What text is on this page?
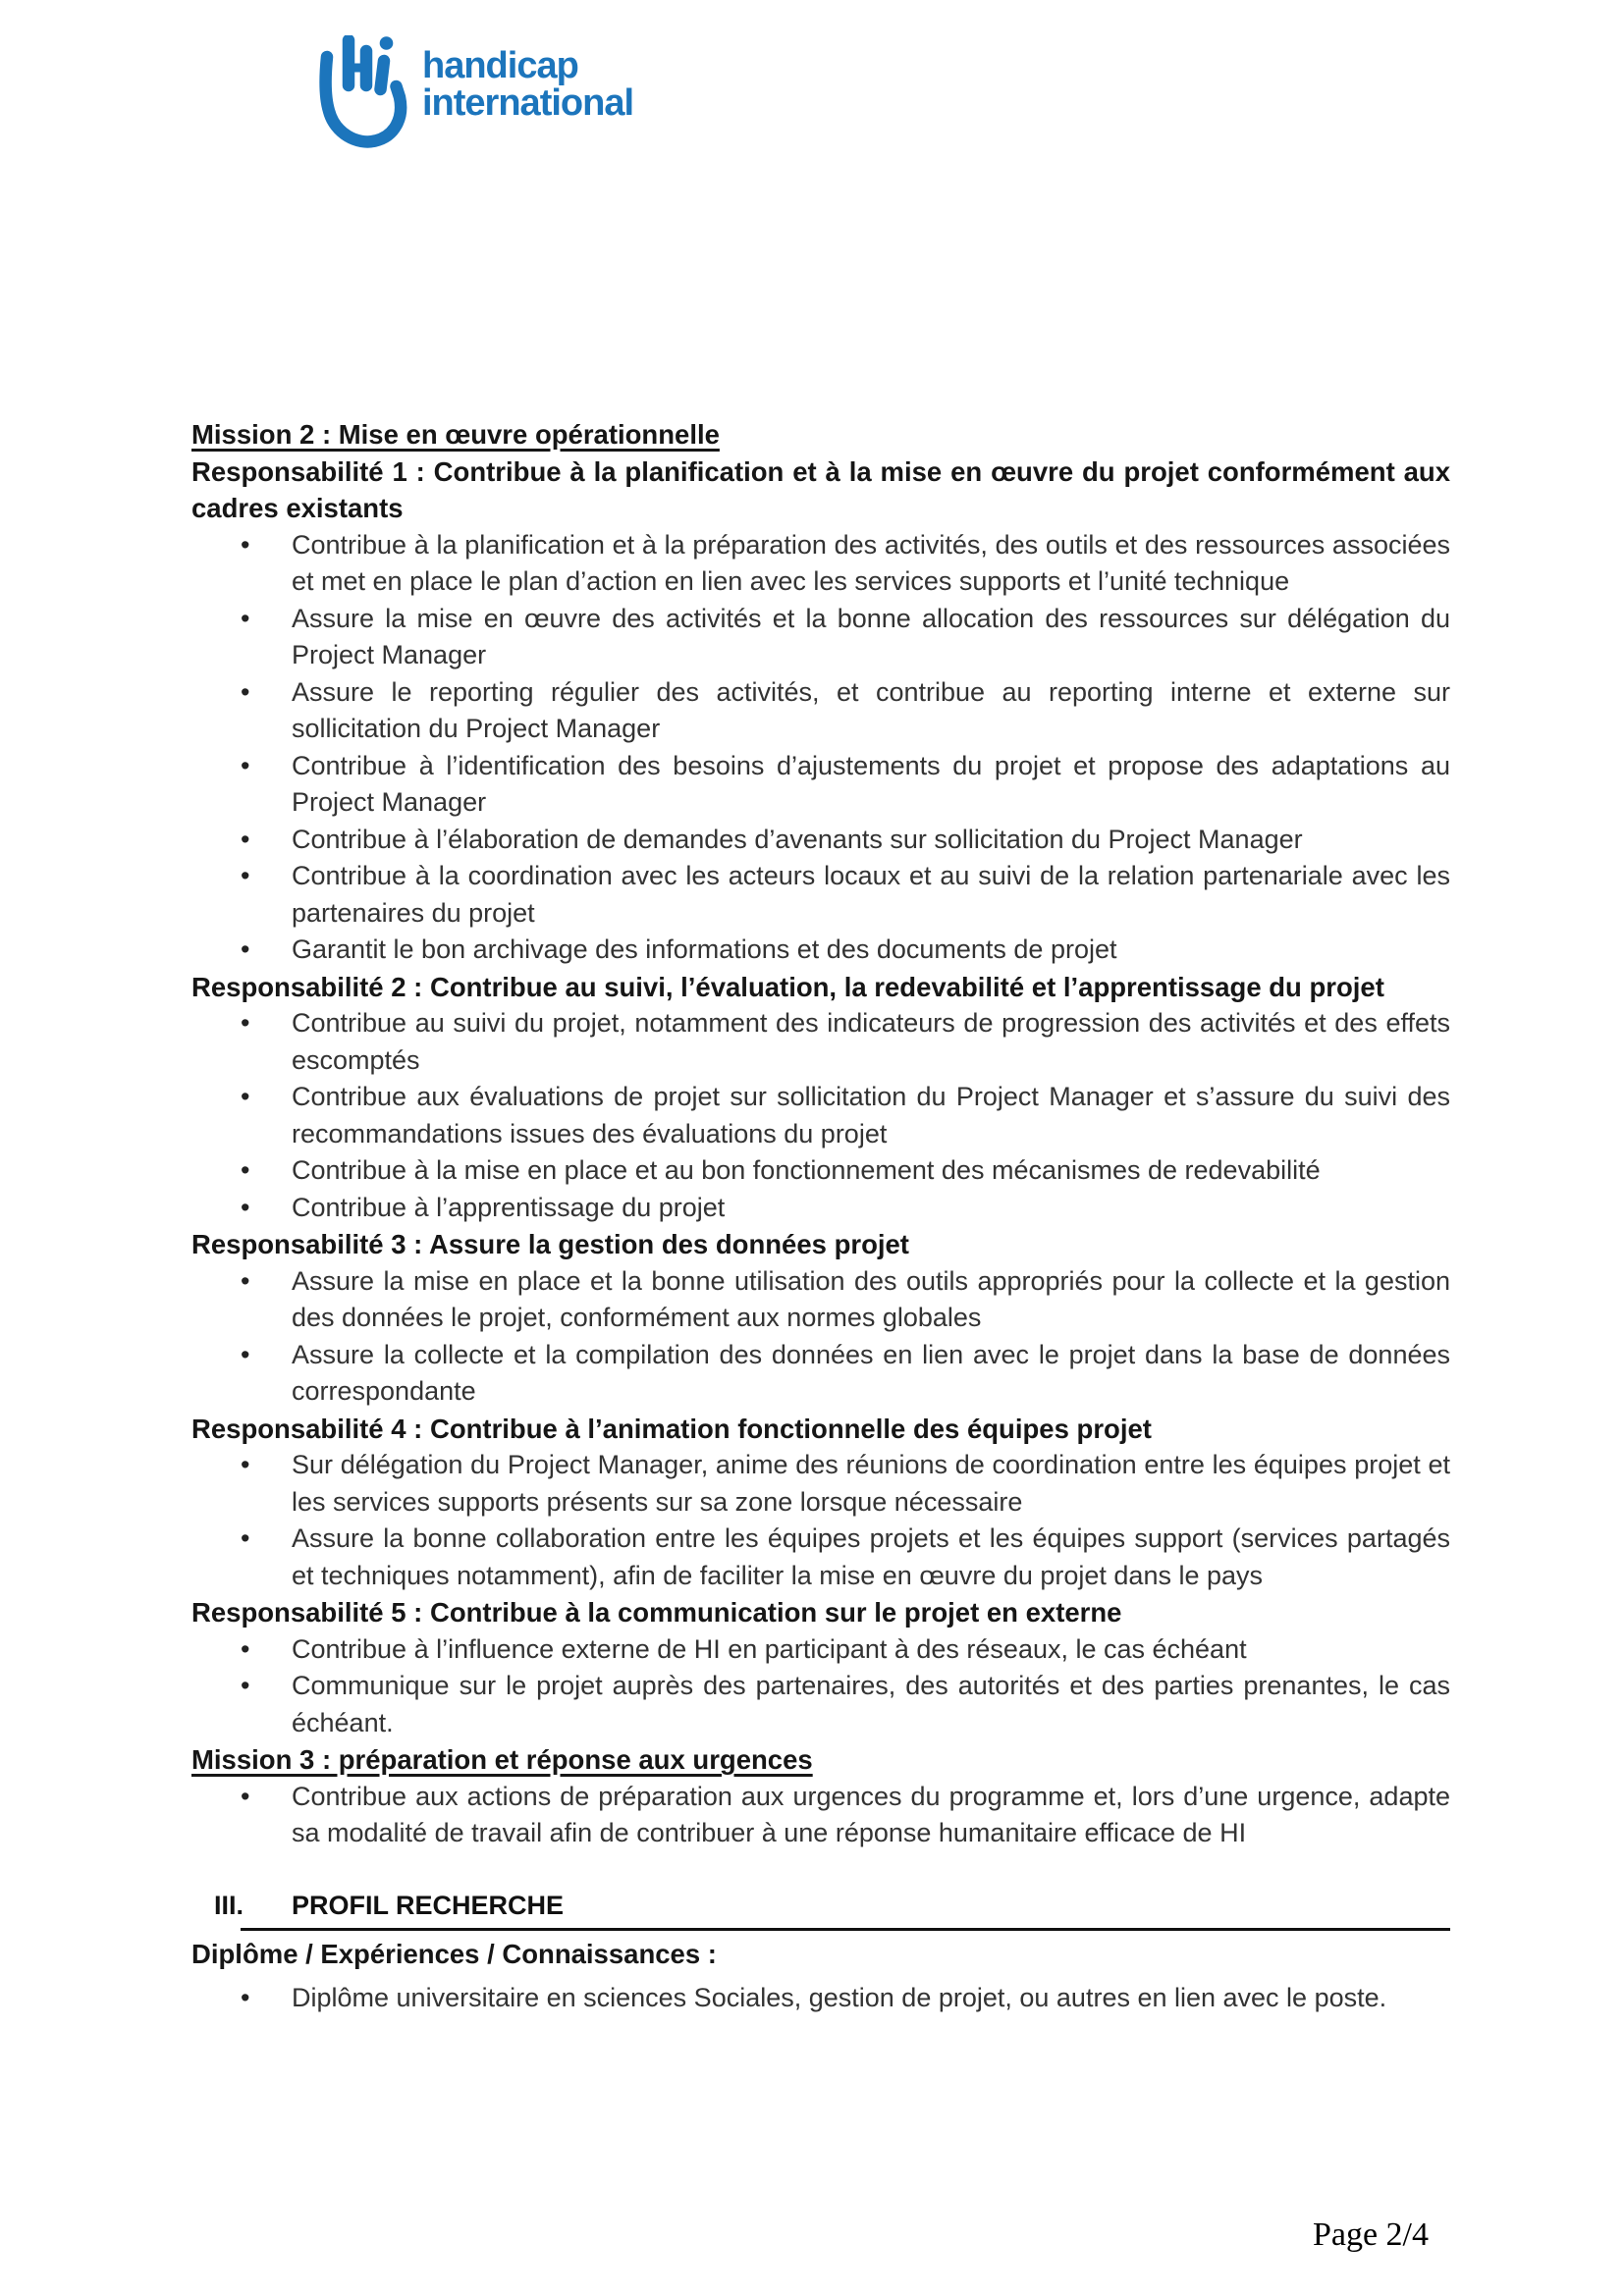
handicap
international
Mission 2 : Mise en œuvre opérationnelle
Responsabilité 1 : Contribue à la planification et à la mise en œuvre du projet conformément aux cadres existants
• Contribue à la planification et à la préparation des activités, des outils et des ressources associées et met en place le plan d’action en lien avec les services supports et l’unité technique
• Assure la mise en œuvre des activités et la bonne allocation des ressources sur délégation du Project Manager
• Assure le reporting régulier des activités, et contribue au reporting interne et externe sur sollicitation du Project Manager
• Contribue à l’identification des besoins d’ajustements du projet et propose des adaptations au Project Manager
• Contribue à l’élaboration de demandes d’avenants sur sollicitation du Project Manager
• Contribue à la coordination avec les acteurs locaux et au suivi de la relation partenariale avec les partenaires du projet
• Garantit le bon archivage des informations et des documents de projet
Responsabilité 2 : Contribue au suivi, l’évaluation, la redevabilité et l’apprentissage du projet
• Contribue au suivi du projet, notamment des indicateurs de progression des activités et des effets escomptés
• Contribue aux évaluations de projet sur sollicitation du Project Manager et s’assure du suivi des recommandations issues des évaluations du projet
• Contribue à la mise en place et au bon fonctionnement des mécanismes de redevabilité
• Contribue à l’apprentissage du projet
Responsabilité 3 : Assure la gestion des données projet
• Assure la mise en place et la bonne utilisation des outils appropriés pour la collecte et la gestion des données le projet, conformément aux normes globales
• Assure la collecte et la compilation des données en lien avec le projet dans la base de données correspondante
Responsabilité 4 : Contribue à l’animation fonctionnelle des équipes projet
• Sur délégation du Project Manager, anime des réunions de coordination entre les équipes projet et les services supports présents sur sa zone lorsque nécessaire
• Assure la bonne collaboration entre les équipes projets et les équipes support (services partagés et techniques notamment), afin de faciliter la mise en œuvre du projet dans le pays
Responsabilité 5 : Contribue à la communication sur le projet en externe
• Contribue à l’influence externe de HI en participant à des réseaux, le cas échéant
• Communique sur le projet auprès des partenaires, des autorités et des parties prenantes, le cas échéant.
Mission 3 : préparation et réponse aux urgences
• Contribue aux actions de préparation aux urgences du programme et, lors d’une urgence, adapte sa modalité de travail afin de contribuer à une réponse humanitaire efficace de HI
III.	PROFIL RECHERCHE
Diplôme / Expériences / Connaissances :
• Diplôme universitaire en sciences Sociales, gestion de projet, ou autres en lien avec le poste.
Page 2/4
